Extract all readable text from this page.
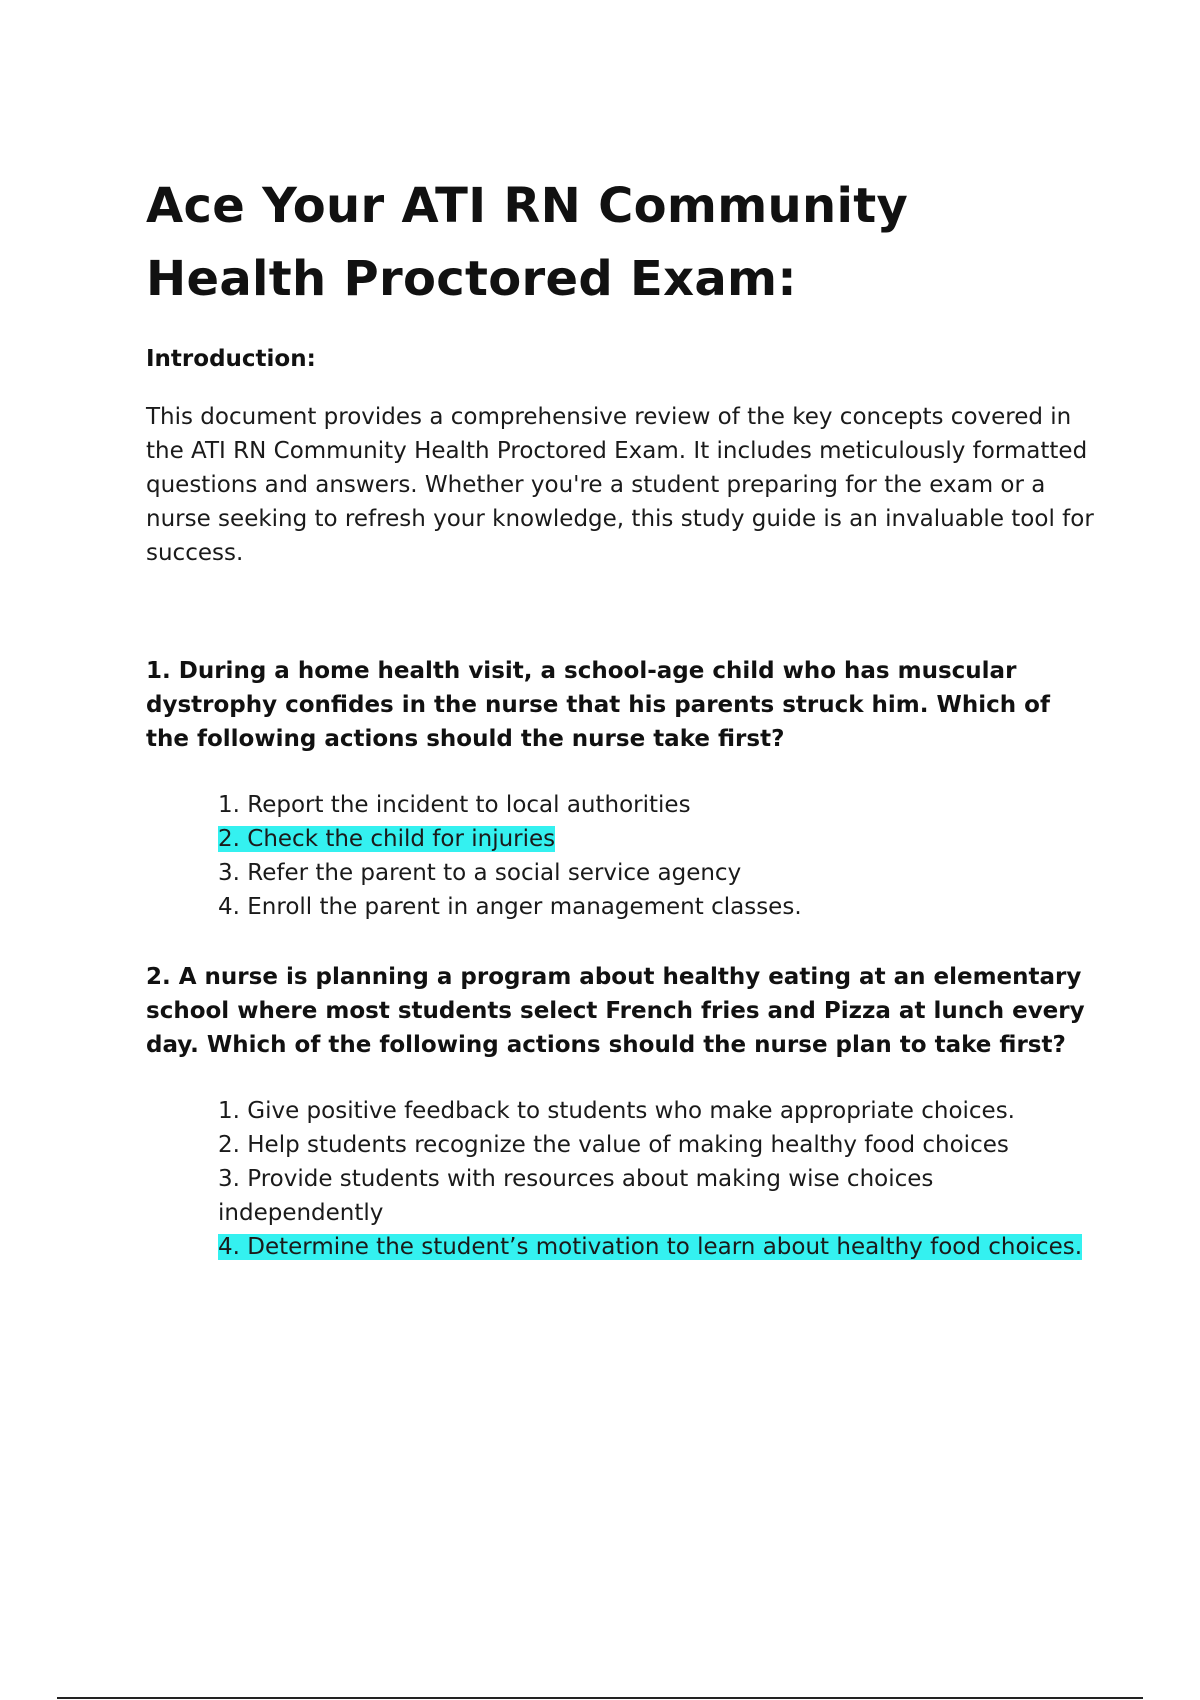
Ace Your ATI RN Community Health Proctored Exam:
Introduction:

This document provides a comprehensive review of the key concepts covered in the ATI RN Community Health Proctored Exam. It includes meticulously formatted questions and answers. Whether you're a student preparing for the exam or a nurse seeking to refresh your knowledge, this study guide is an invaluable tool for success.

1. During a home health visit, a school-age child who has muscular dystrophy confides in the nurse that his parents struck him. Which of the following actions should the nurse take first?

1. Report the incident to local authorities
2. Check the child for injuries
3. Refer the parent to a social service agency
4. Enroll the parent in anger management classes.

2. A nurse is planning a program about healthy eating at an elementary school where most students select French fries and Pizza at lunch every day. Which of the following actions should the nurse plan to take first?

1. Give positive feedback to students who make appropriate choices.
2. Help students recognize the value of making healthy food choices
3. Provide students with resources about making wise choices independently
4. Determine the student’s motivation to learn about healthy food choices.
